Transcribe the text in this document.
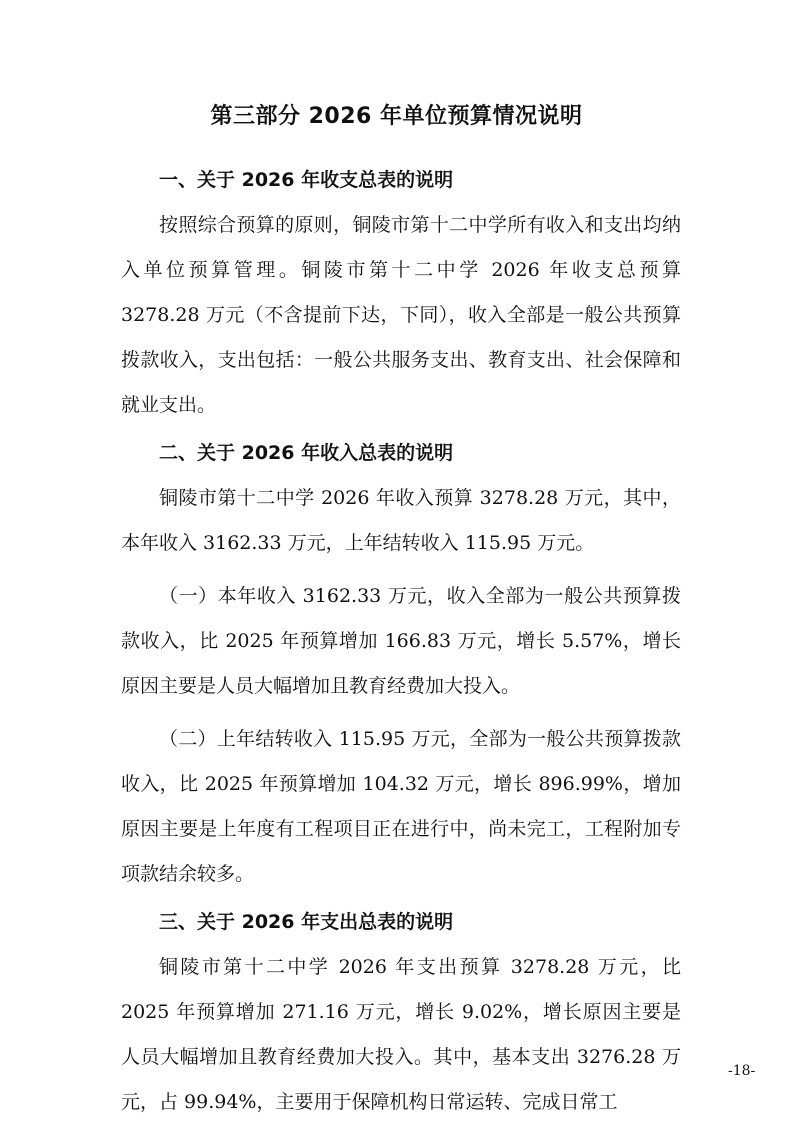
第三部分 2026 年单位预算情况说明

一、关于 2026 年收支总表的说明

按照综合预算的原则，铜陵市第十二中学所有收入和支出均纳入单位预算管理。铜陵市第十二中学 2026 年收支总预算 3278.28 万元（不含提前下达，下同），收入全部是一般公共预算拨款收入，支出包括：一般公共服务支出、教育支出、社会保障和就业支出。

二、关于 2026 年收入总表的说明

铜陵市第十二中学 2026 年收入预算 3278.28 万元，其中，本年收入 3162.33 万元，上年结转收入 115.95 万元。

（一）本年收入 3162.33 万元，收入全部为一般公共预算拨款收入，比 2025 年预算增加 166.83 万元，增长 5.57%，增长原因主要是人员大幅增加且教育经费加大投入。

（二）上年结转收入 115.95 万元，全部为一般公共预算拨款收入，比 2025 年预算增加 104.32 万元，增长 896.99%，增加原因主要是上年度有工程项目正在进行中，尚未完工，工程附加专项款结余较多。

三、关于 2026 年支出总表的说明

铜陵市第十二中学 2026 年支出预算 3278.28 万元，比 2025 年预算增加 271.16 万元，增长 9.02%，增长原因主要是人员大幅增加且教育经费加大投入。其中，基本支出 3276.28 万元，占 99.94%，主要用于保障机构日常运转、完成日常工

-18-
